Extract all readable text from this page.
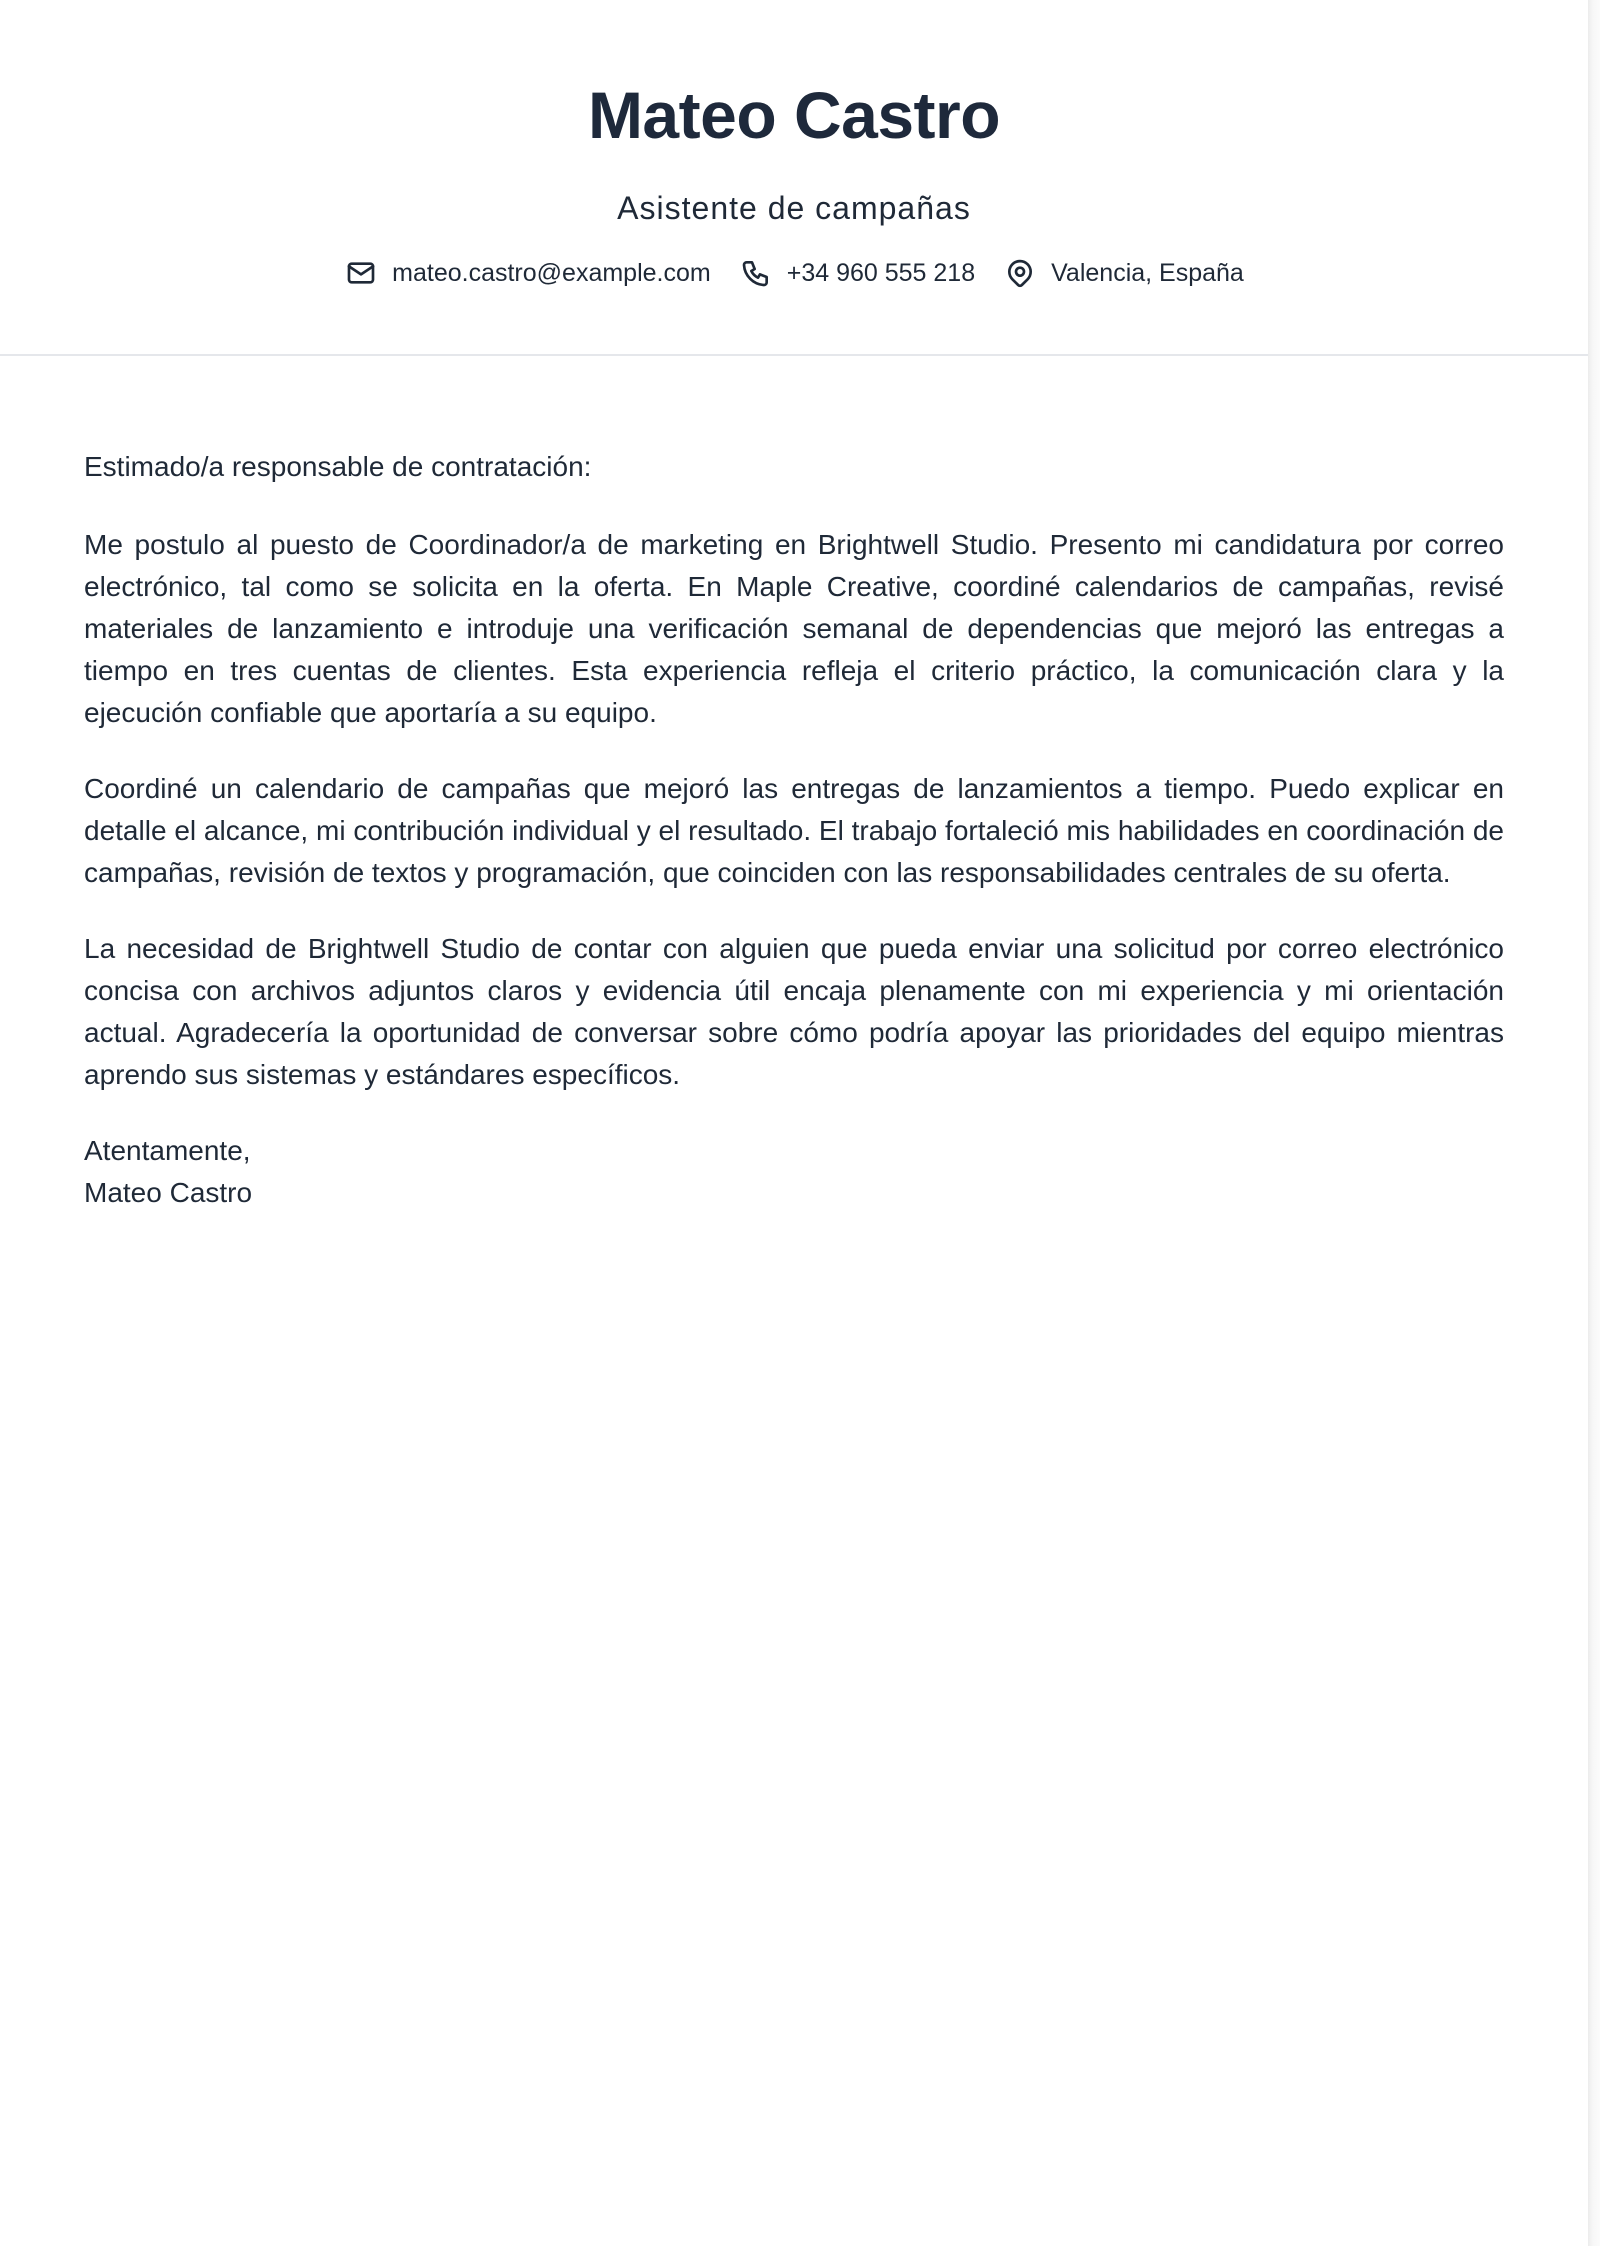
Mateo Castro
Asistente de campañas
mateo.castro@example.com	+34 960 555 218	Valencia, España

Estimado/a responsable de contratación:

Me postulo al puesto de Coordinador/a de marketing en Brightwell Studio. Presento mi candidatura por correo electrónico, tal como se solicita en la oferta. En Maple Creative, coordiné calendarios de campañas, revisé materiales de lanzamiento e introduje una verificación semanal de dependencias que mejoró las entregas a tiempo en tres cuentas de clientes. Esta experiencia refleja el criterio práctico, la comunicación clara y la ejecución confiable que aportaría a su equipo.

Coordiné un calendario de campañas que mejoró las entregas de lanzamientos a tiempo. Puedo explicar en detalle el alcance, mi contribución individual y el resultado. El trabajo fortaleció mis habilidades en coordinación de campañas, revisión de textos y programación, que coinciden con las responsabilidades centrales de su oferta.

La necesidad de Brightwell Studio de contar con alguien que pueda enviar una solicitud por correo electrónico concisa con archivos adjuntos claros y evidencia útil encaja plenamente con mi experiencia y mi orientación actual. Agradecería la oportunidad de conversar sobre cómo podría apoyar las prioridades del equipo mientras aprendo sus sistemas y estándares específicos.

Atentamente,
Mateo Castro
